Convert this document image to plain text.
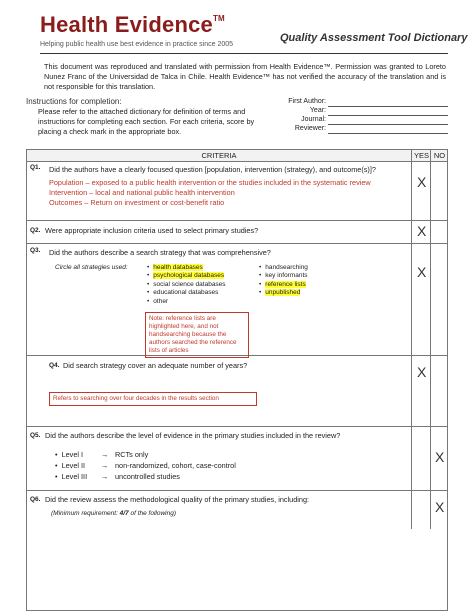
Health Evidence™
Helping public health use best evidence in practice since 2005
Quality Assessment Tool Dictionary
This document was reproduced and translated with permission from Health Evidence™. Permission was granted to Loreto Nunez Franc of the Universidad de Talca in Chile. Health Evidence™ has not verified the accuracy of the translation and is not responsible for this translation.
Instructions for completion:
Please refer to the attached dictionary for definition of terms and instructions for completing each section. For each criteria, score by placing a check mark in the appropriate box.
First Author:
Year:
Journal:
Reviewer:
CRITERIA	YES NO
Q1. Did the authors have a clearly focused question [population, intervention (strategy), and outcome(s)]?
Population – exposed to a public health intervention or the studies included in the systematic review
Intervention – local and national public health intervention
Outcomes – Return on investment or cost-benefit ratio
X
Q2. Were appropriate inclusion criteria used to select primary studies?	X
Q3. Did the authors describe a search strategy that was comprehensive?
Circle all strategies used:
•	health databases
• psychological databases
• social science databases
• educational databases
• other
• handsearching
• key informants
• reference lists
• unpublished
Note: reference lists are highlighted here, and not handsearching because the authors searched the reference lists of articles
X
Q4. Did search strategy cover an adequate number of years?
Refers to searching over four decades in the results section
X
Q5. Did the authors describe the level of evidence in the primary studies included in the review?
• Level I
• Level II
• Level III
→
→
→
RCTs only
non-randomized, cohort, case-control
uncontrolled studies
X
Q6. Did the review assess the methodological quality of the primary studies, including:
(Minimum requirement: 4/7 of the following)	X
